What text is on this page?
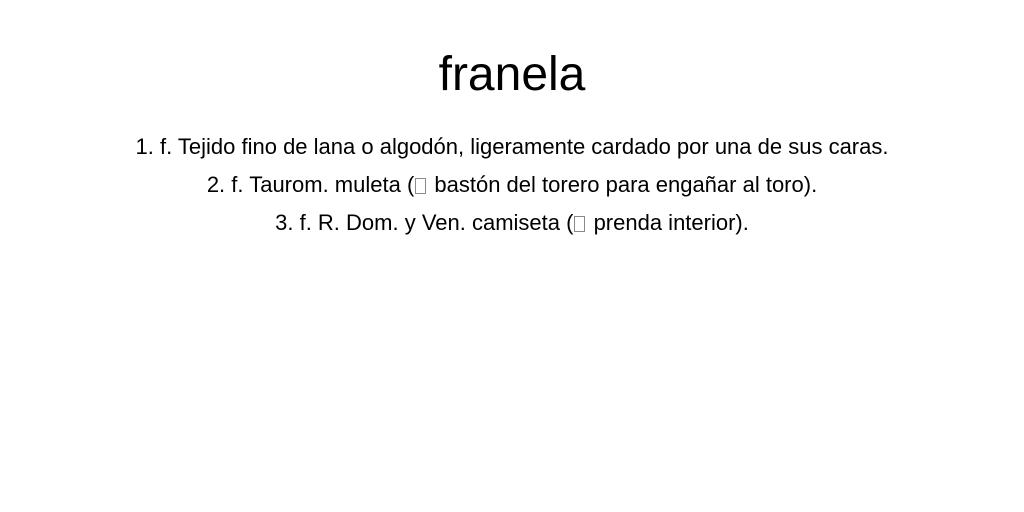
franela
1. f. Tejido fino de lana o algodón, ligeramente cardado por una de sus caras.
2. f. Taurom. muleta ( bastón del torero para engañar al toro).
3. f. R. Dom. y Ven. camiseta ( prenda interior).
